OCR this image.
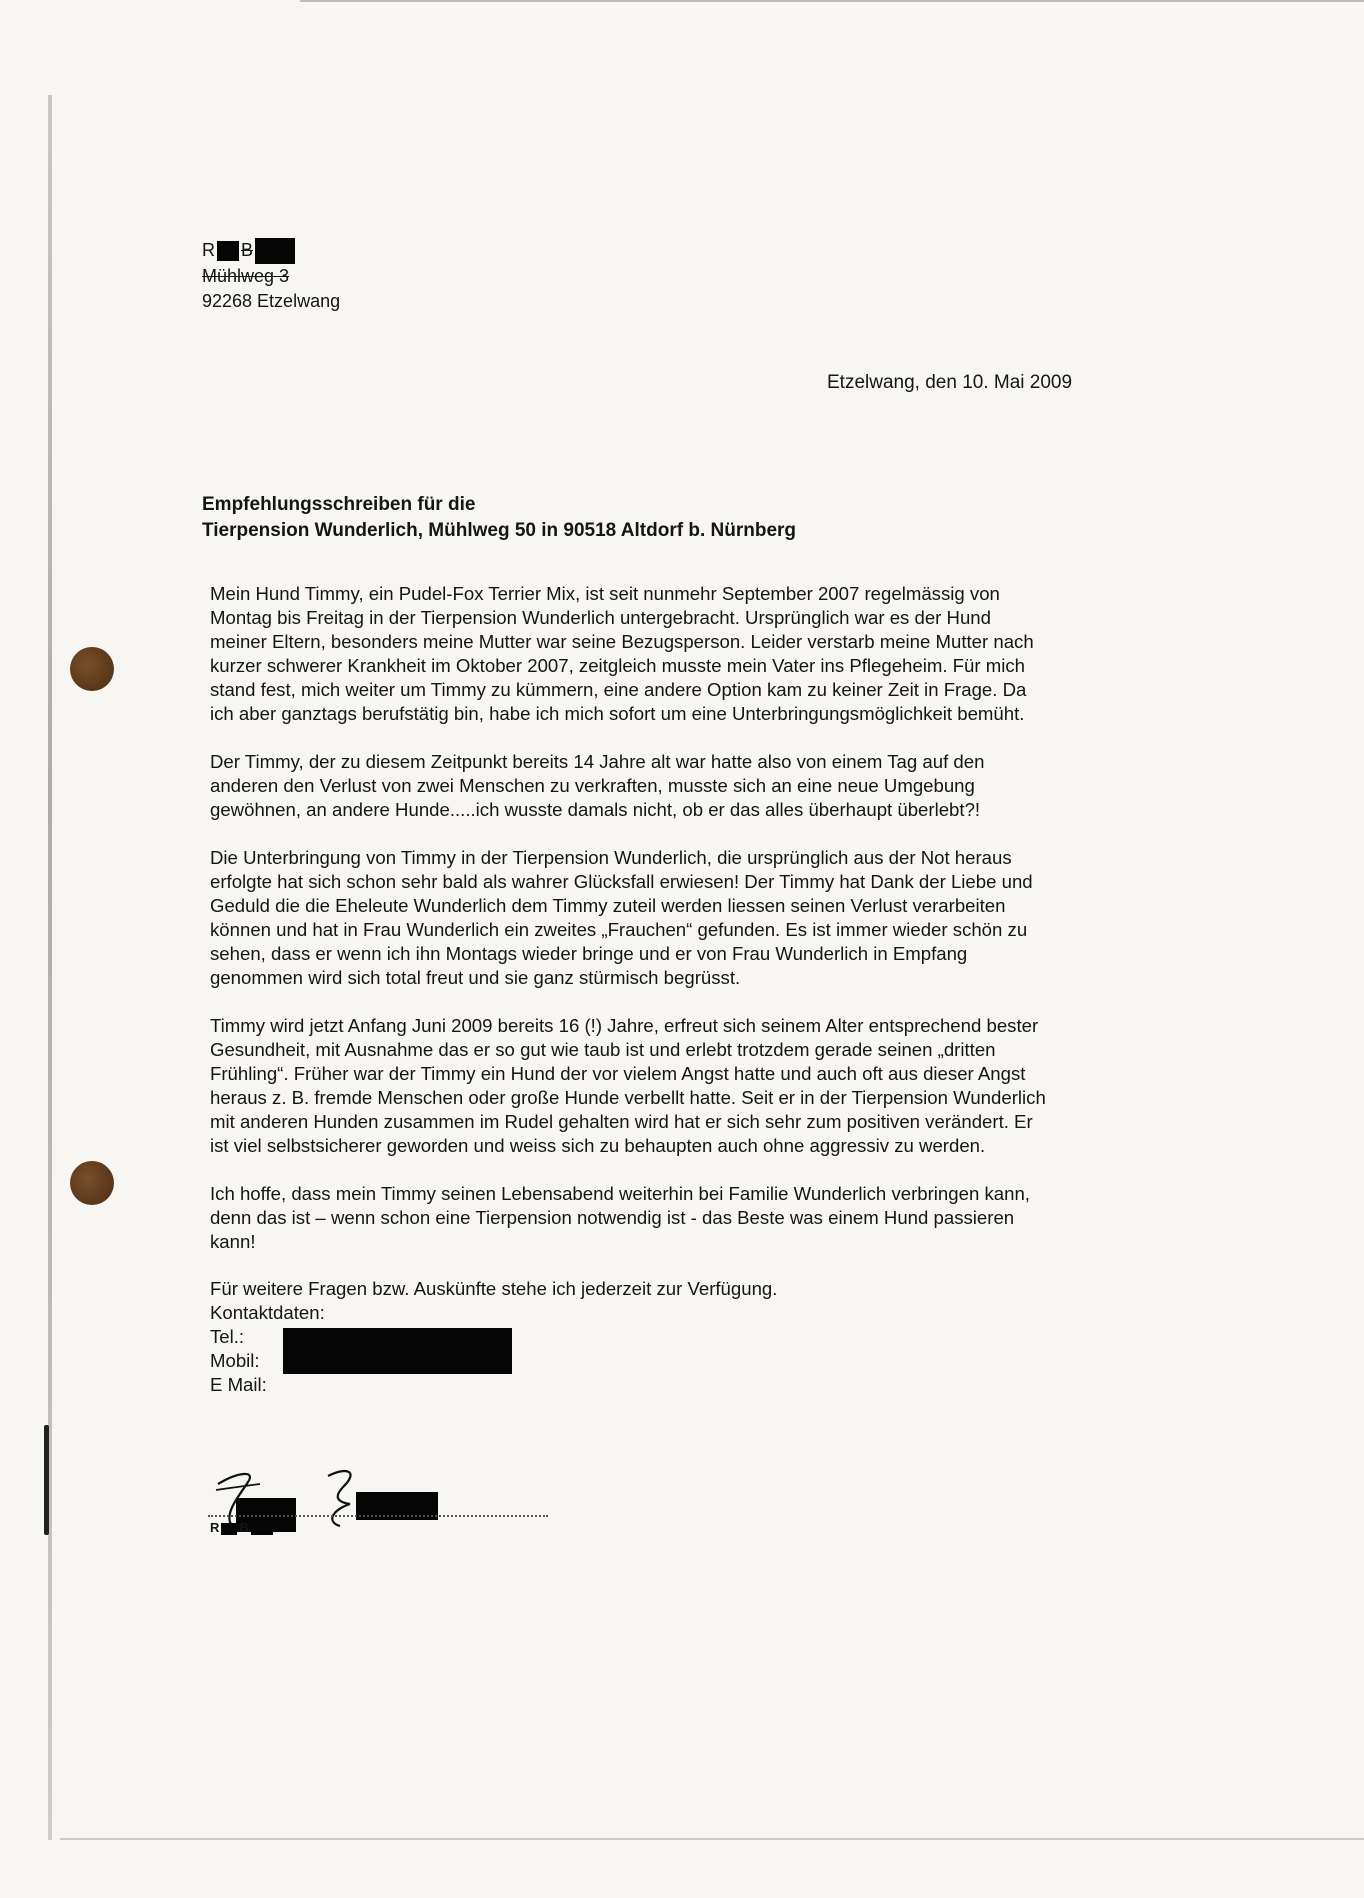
R B
Mühlweg 3
92268 Etzelwang
Etzelwang, den 10. Mai 2009
Empfehlungsschreiben für die
Tierpension Wunderlich, Mühlweg 50 in 90518 Altdorf b. Nürnberg

Mein Hund Timmy, ein Pudel-Fox Terrier Mix, ist seit nunmehr September 2007 regelmässig von
Montag bis Freitag in der Tierpension Wunderlich untergebracht. Ursprünglich war es der Hund
meiner Eltern, besonders meine Mutter war seine Bezugsperson. Leider verstarb meine Mutter nach
kurzer schwerer Krankheit im Oktober 2007, zeitgleich musste mein Vater ins Pflegeheim. Für mich
stand fest, mich weiter um Timmy zu kümmern, eine andere Option kam zu keiner Zeit in Frage. Da
ich aber ganztags berufstätig bin, habe ich mich sofort um eine Unterbringungsmöglichkeit bemüht.

Der Timmy, der zu diesem Zeitpunkt bereits 14 Jahre alt war hatte also von einem Tag auf den
anderen den Verlust von zwei Menschen zu verkraften, musste sich an eine neue Umgebung
gewöhnen, an andere Hunde.....ich wusste damals nicht, ob er das alles überhaupt überlebt?!

Die Unterbringung von Timmy in der Tierpension Wunderlich, die ursprünglich aus der Not heraus
erfolgte hat sich schon sehr bald als wahrer Glücksfall erwiesen! Der Timmy hat Dank der Liebe und
Geduld die die Eheleute Wunderlich dem Timmy zuteil werden liessen seinen Verlust verarbeiten
können und hat in Frau Wunderlich ein zweites „Frauchen“ gefunden. Es ist immer wieder schön zu
sehen, dass er wenn ich ihn Montags wieder bringe und er von Frau Wunderlich in Empfang
genommen wird sich total freut und sie ganz stürmisch begrüsst.

Timmy wird jetzt Anfang Juni 2009 bereits 16 (!) Jahre, erfreut sich seinem Alter entsprechend bester
Gesundheit, mit Ausnahme das er so gut wie taub ist und erlebt trotzdem gerade seinen „dritten
Frühling“. Früher war der Timmy ein Hund der vor vielem Angst hatte und auch oft aus dieser Angst
heraus z. B. fremde Menschen oder große Hunde verbellt hatte. Seit er in der Tierpension Wunderlich
mit anderen Hunden zusammen im Rudel gehalten wird hat er sich sehr zum positiven verändert. Er
ist viel selbstsicherer geworden und weiss sich zu behaupten auch ohne aggressiv zu werden.

Ich hoffe, dass mein Timmy seinen Lebensabend weiterhin bei Familie Wunderlich verbringen kann,
denn das ist – wenn schon eine Tierpension notwendig ist - das Beste was einem Hund passieren
kann!

Für weitere Fragen bzw. Auskünfte stehe ich jederzeit zur Verfügung.
Kontaktdaten:
Tel.:
Mobil:
E Mail:
R B
